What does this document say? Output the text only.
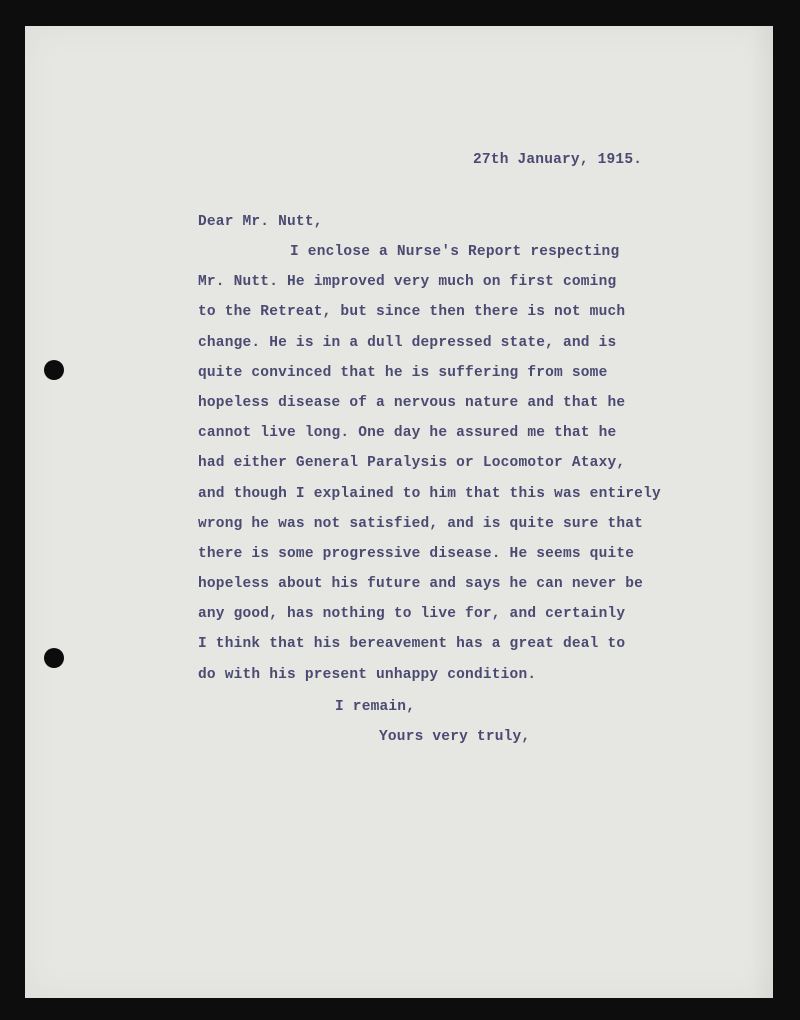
27th January, 1915.
Dear Mr. Nutt,
I enclose a Nurse's Report respecting
Mr. Nutt. He improved very much on first coming
to the Retreat, but since then there is not much
change. He is in a dull depressed state, and is
quite convinced that he is suffering from some
hopeless disease of a nervous nature and that he
cannot live long. One day he assured me that he
had either General Paralysis or Locomotor Ataxy,
and though I explained to him that this was entirely
wrong he was not satisfied, and is quite sure that
there is some progressive disease. He seems quite
hopeless about his future and says he can never be
any good, has nothing to live for, and certainly
I think that his bereavement has a great deal to
do with his present unhappy condition.
I remain,
Yours very truly,
